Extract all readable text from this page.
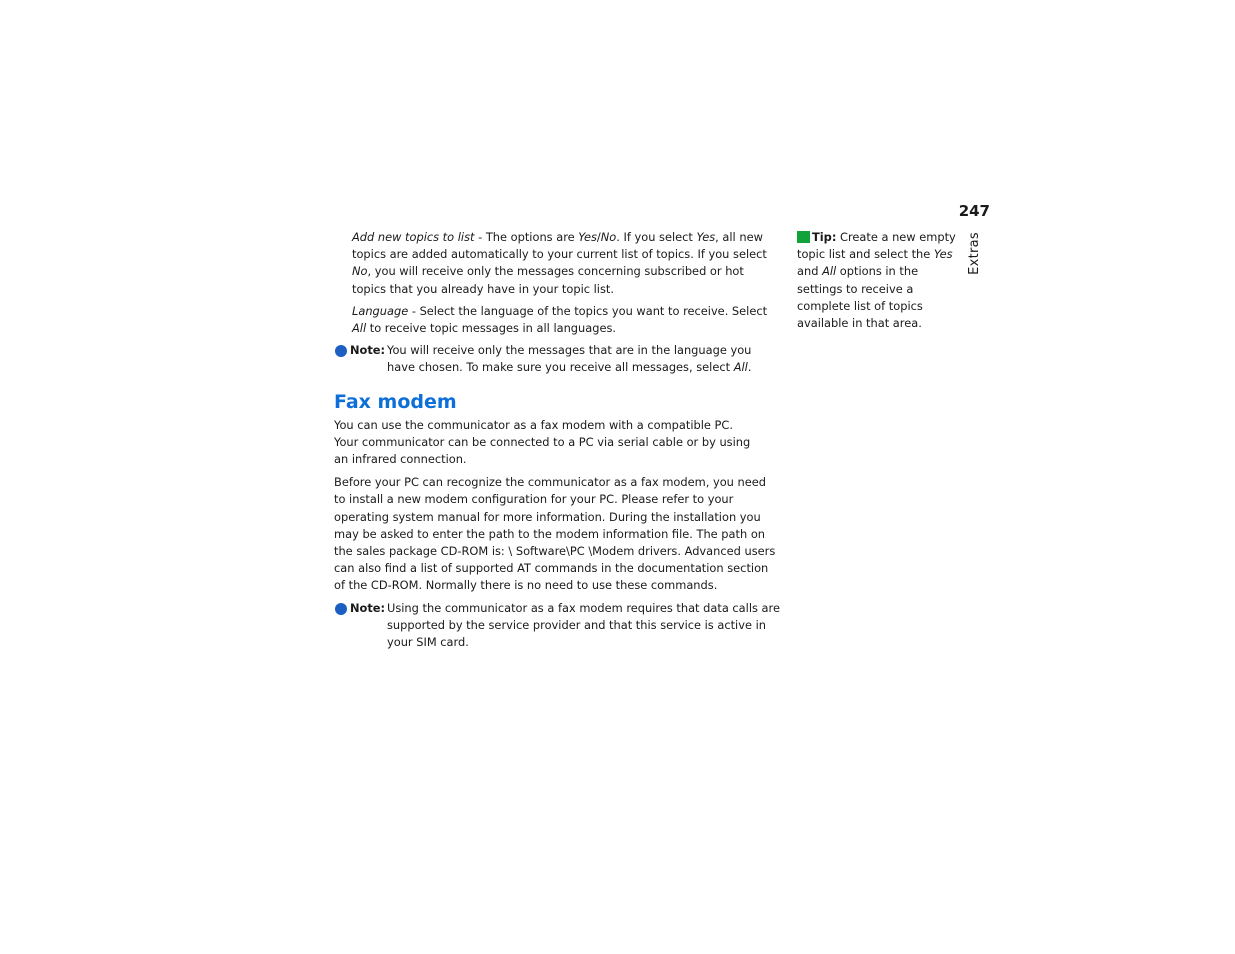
247
Extras

Add new topics to list - The options are Yes/No. If you select Yes, all new topics are added automatically to your current list of topics. If you select No, you will receive only the messages concerning subscribed or hot topics that you already have in your topic list.

Language - Select the language of the topics you want to receive. Select All to receive topic messages in all languages.

Note: You will receive only the messages that are in the language you have chosen. To make sure you receive all messages, select All.
Fax modem

You can use the communicator as a fax modem with a compatible PC.
Your communicator can be connected to a PC via serial cable or by using
an infrared connection.

Before your PC can recognize the communicator as a fax modem, you need to install a new modem configuration for your PC. Please refer to your operating system manual for more information. During the installation you may be asked to enter the path to the modem information file. The path on the sales package CD-ROM is: \ Software\PC \Modem drivers. Advanced users can also find a list of supported AT commands in the documentation section of the CD-ROM. Normally there is no need to use these commands.

Note: Using the communicator as a fax modem requires that data calls are supported by the service provider and that this service is active in your SIM card.
Tip: Create a new empty topic list and select the Yes and All options in the settings to receive a complete list of topics available in that area.
